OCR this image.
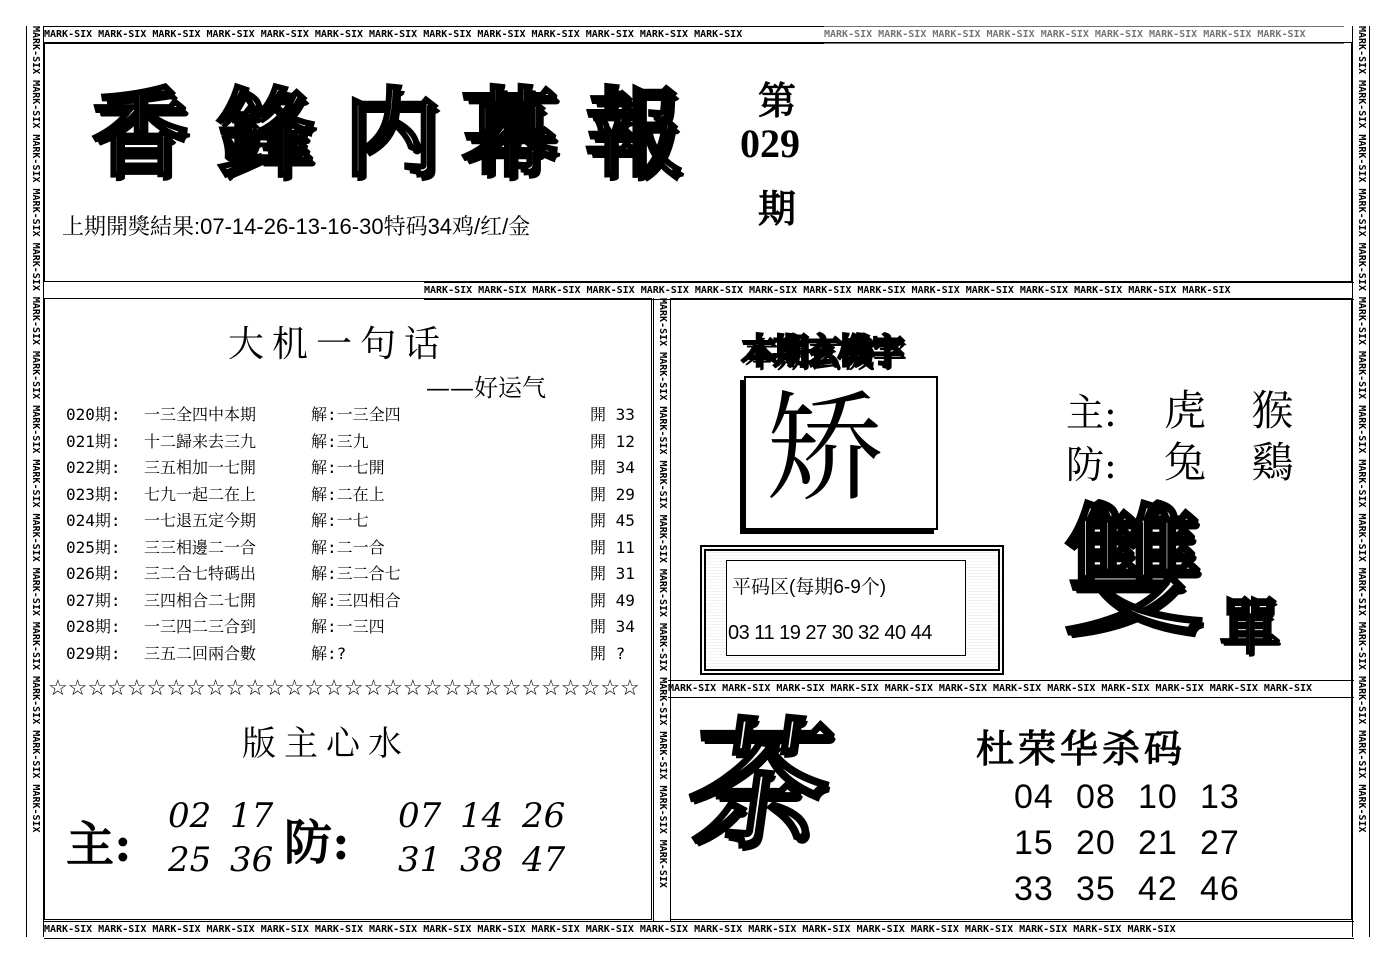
MARK-SIX MARK-SIX MARK-SIX MARK-SIX MARK-SIX MARK-SIX MARK-SIX MARK-SIX MARK-SIX MARK-SIX MARK-SIX MARK-SIX MARK-SIX	MARK-SIX MARK-SIX MARK-SIX MARK-SIX MARK-SIX MARK-SIX MARK-SIX MARK-SIX MARK-SIX
MARK-SIX MARK-SIX MARK-SIX MARK-SIX MARK-SIX MARK-SIX MARK-SIX MARK-SIX MARK-SIX MARK-SIX MARK-SIX MARK-SIX MARK-SIX MARK-SIX MARK-SIX MARK-SIX MARK-SIX MARK-SIX MARK-SIX MARK-SIX MARK-SIX
MARK-SIX MARK-SIX MARK-SIX MARK-SIX MARK-SIX MARK-SIX MARK-SIX MARK-SIX MARK-SIX MARK-SIX MARK-SIX MARK-SIX MARK-SIX MARK-SIX MARK-SIX
MARK-SIX MARK-SIX MARK-SIX MARK-SIX MARK-SIX MARK-SIX MARK-SIX MARK-SIX MARK-SIX MARK-SIX MARK-SIX MARK-SIX
MARK-SIXMARK-SIXMARK-SIXMARK-SIXMARK-SIXMARK-SIXMARK-SIXMARK-SIXMARK-SIXMARK-SIXMARK-SIXMARK-SIXMARK-SIXMARK-SIXMARK-SIX
MARK-SIXMARK-SIXMARK-SIXMARK-SIXMARK-SIXMARK-SIXMARK-SIXMARK-SIXMARK-SIXMARK-SIXMARK-SIXMARK-SIXMARK-SIXMARK-SIXMARK-SIX
MARK-SIXMARK-SIXMARK-SIXMARK-SIXMARK-SIXMARK-SIXMARK-SIXMARK-SIXMARK-SIXMARK-SIXMARK-SIX
香 鋒 内 幕 報 第
029
期
上期開獎結果:07-14-26-13-16-30特码34鸡/红/金
大机一句话
——好运气
020期: 一三全四中本期	解:一三全四	開 33
021期: 十二歸来去三九	解:三九	開 12
022期: 三五相加一七開	解:一七開	開 34
023期: 七九一起二在上	解:二在上	開 29
024期: 一七退五定今期	解:一七	開 45
025期: 三三相邊二一合	解:二一合	開 11
026期: 三二合七特碼出	解:三二合七	開 31
027期: 三四相合二七開	解:三四相合	開 49
028期: 一三四二三合到	解:一三四	開 34
029期: 三五二回兩合數	解:?	開 ?
☆☆☆☆☆☆☆☆☆☆☆☆☆☆☆☆☆☆☆☆☆☆☆☆☆☆☆☆☆☆
版主心水
主:
02 17
25 36 防: 07 14 26
31 38 47
本期玄機字
矫
平码区(每期6-9个)
03 11 19 27 30 32 40 44
主: 虎 猴
防: 兔 鷄
雙 單
茶	杜荣华杀码
04 08 10 13
15 20 21 27
33 35 42 46
